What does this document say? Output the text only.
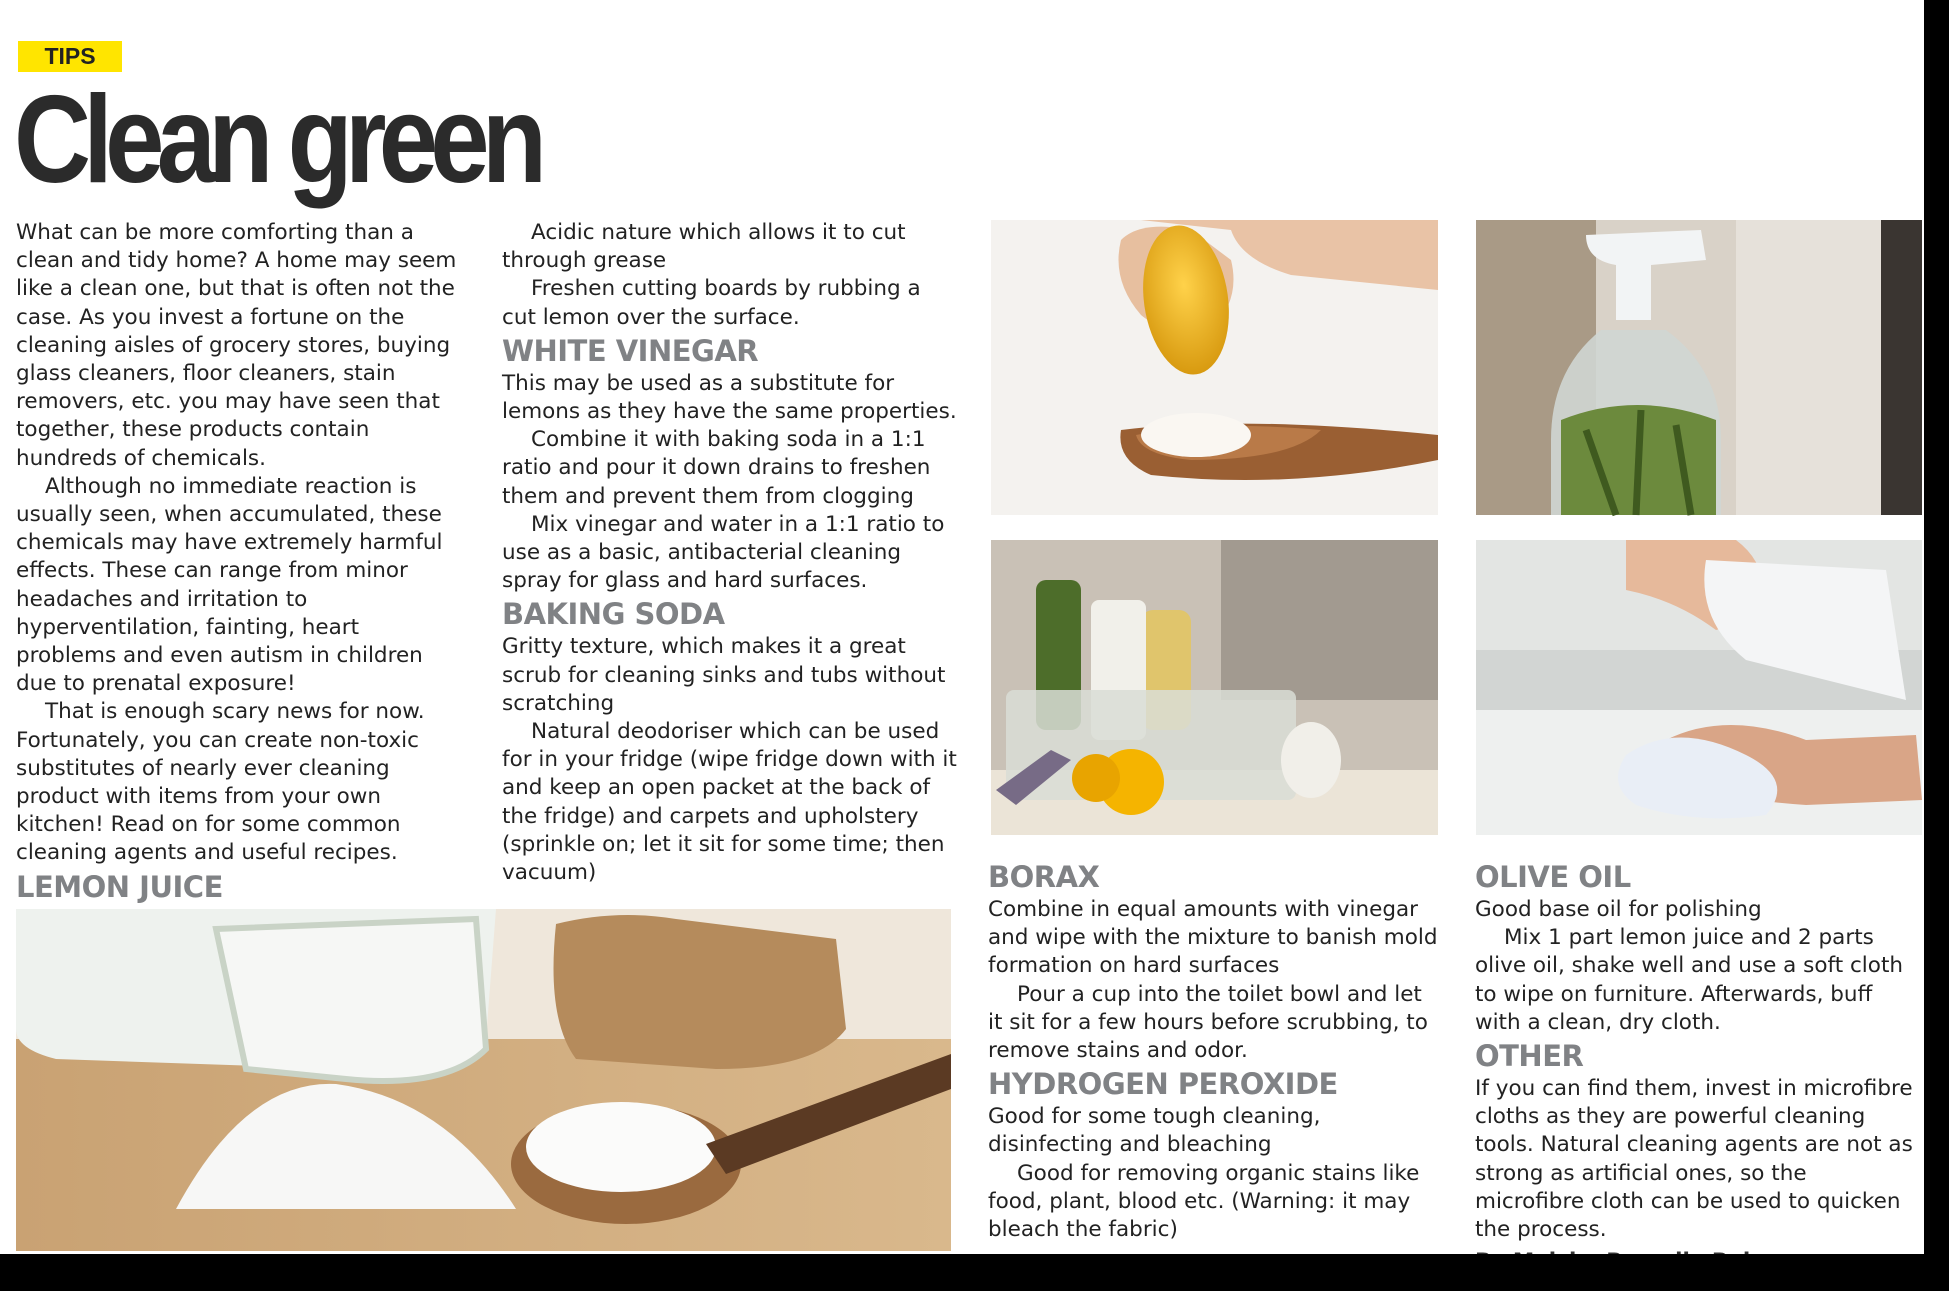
TIPS
Clean green

What can be more comforting than a clean and tidy home? A home may seem like a clean one, but that is often not the case. As you invest a fortune on the cleaning aisles of grocery stores, buying glass cleaners, floor cleaners, stain removers, etc. you may have seen that together, these products contain hundreds of chemicals.

Although no immediate reaction is usually seen, when accumulated, these chemicals may have extremely harmful effects. These can range from minor headaches and irritation to hyperventilation, fainting, heart problems and even autism in children due to prenatal exposure!

That is enough scary news for now. Fortunately, you can create non-toxic substitutes of nearly ever cleaning product with items from your own kitchen! Read on for some common cleaning agents and useful recipes.

LEMON JUICE

Acidic nature which allows it to cut through grease

Freshen cutting boards by rubbing a cut lemon over the surface.

WHITE VINEGAR

This may be used as a substitute for lemons as they have the same properties.

Combine it with baking soda in a 1:1 ratio and pour it down drains to freshen them and prevent them from clogging

Mix vinegar and water in a 1:1 ratio to use as a basic, antibacterial cleaning spray for glass and hard surfaces.

BAKING SODA

Gritty texture, which makes it a great scrub for cleaning sinks and tubs without scratching

Natural deodoriser which can be used for in your fridge (wipe fridge down with it and keep an open packet at the back of the fridge) and carpets and upholstery (sprinkle on; let it sit for some time; then vacuum)	BORAX

Combine in equal amounts with vinegar and wipe with the mixture to banish mold formation on hard surfaces

Pour a cup into the toilet bowl and let it sit for a few hours before scrubbing, to remove stains and odor.

HYDROGEN PEROXIDE

Good for some tough cleaning, disinfecting and bleaching

Good for removing organic stains like food, plant, blood etc. (Warning: it may bleach the fabric)

OLIVE OIL

Good base oil for polishing

Mix 1 part lemon juice and 2 parts olive oil, shake well and use a soft cloth to wipe on furniture. Afterwards, buff with a clean, dry cloth.

OTHER

If you can find them, invest in microfibre cloths as they are powerful cleaning tools. Natural cleaning agents are not as strong as artificial ones, so the microfibre cloth can be used to quicken the process.
